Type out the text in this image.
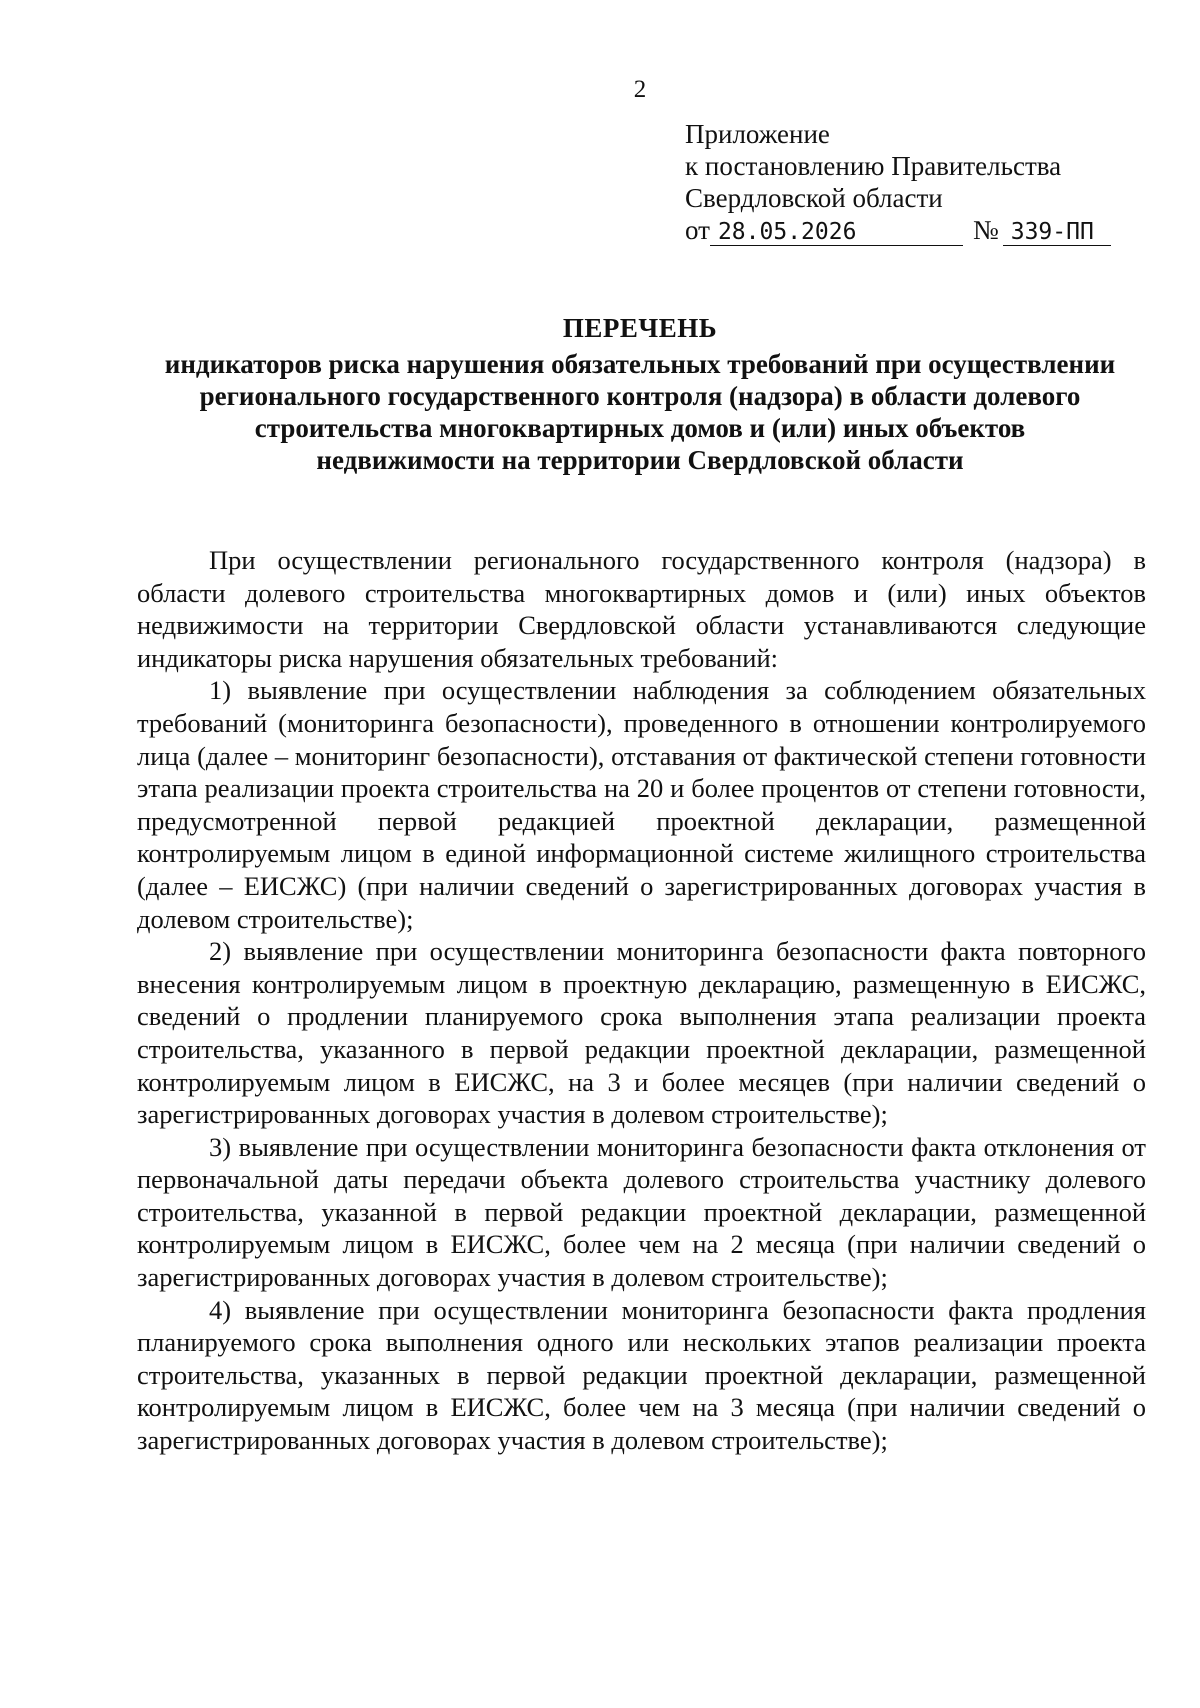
2
Приложение
к постановлению Правительства
Свердловской области
от 28.05.2026	№ 339-ПП
ПЕРЕЧЕНЬ
индикаторов риска нарушения обязательных требований при осуществлении
регионального государственного контроля (надзора) в области долевого
строительства многоквартирных домов и (или) иных объектов
недвижимости на территории Свердловской области

При осуществлении регионального государственного контроля (надзора) в области долевого строительства многоквартирных домов и (или) иных объектов недвижимости на территории Свердловской области устанавливаются следующие индикаторы риска нарушения обязательных требований:

1) выявление при осуществлении наблюдения за соблюдением обязательных требований (мониторинга безопасности), проведенного в отношении контролируемого лица (далее – мониторинг безопасности), отставания от фактической степени готовности этапа реализации проекта строительства на 20 и более процентов от степени готовности, предусмотренной первой редакцией проектной декларации, размещенной контролируемым лицом в единой информационной системе жилищного строительства (далее – ЕИСЖС) (при наличии сведений о зарегистрированных договорах участия в долевом строительстве);

2) выявление при осуществлении мониторинга безопасности факта повторного внесения контролируемым лицом в проектную декларацию, размещенную в ЕИСЖС, сведений о продлении планируемого срока выполнения этапа реализации проекта строительства, указанного в первой редакции проектной декларации, размещенной контролируемым лицом в ЕИСЖС, на 3 и более месяцев (при наличии сведений о зарегистрированных договорах участия в долевом строительстве);

3) выявление при осуществлении мониторинга безопасности факта отклонения от первоначальной даты передачи объекта долевого строительства участнику долевого строительства, указанной в первой редакции проектной декларации, размещенной контролируемым лицом в ЕИСЖС, более чем на 2 месяца (при наличии сведений о зарегистрированных договорах участия в долевом строительстве);

4) выявление при осуществлении мониторинга безопасности факта продления планируемого срока выполнения одного или нескольких этапов реализации проекта строительства, указанных в первой редакции проектной декларации, размещенной контролируемым лицом в ЕИСЖС, более чем на 3 месяца (при наличии сведений о зарегистрированных договорах участия в долевом строительстве);
